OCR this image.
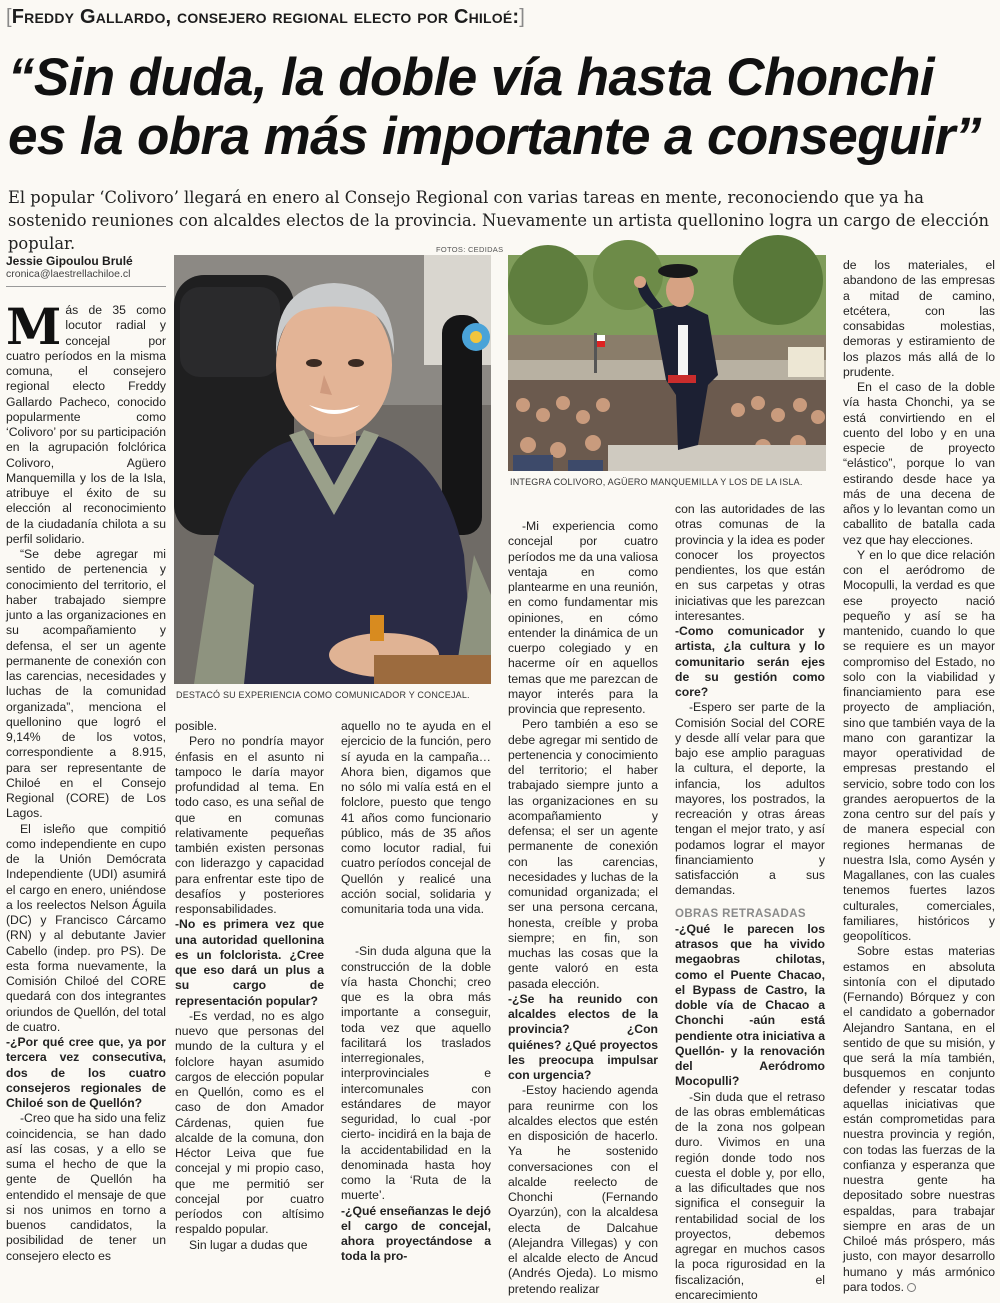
[Freddy Gallardo, consejero regional electo por Chiloé:]
“Sin duda, la doble vía hasta Chonchi
es la obra más importante a conseguir”
El popular ‘Colivoro’ llegará en enero al Consejo Regional con varias tareas en mente, reconociendo que ya ha sostenido reuniones con alcaldes electos de la provincia. Nuevamente un artista quellonino logra un cargo de elección popular.
Jessie Gipoulou Brulé
cronica@laestrellachiloe.cl
FOTOS: CEDIDAS
DESTACÓ SU EXPERIENCIA COMO COMUNICADOR Y CONCEJAL.
INTEGRA COLIVORO, AGÜERO MANQUEMILLA Y LOS DE LA ISLA.

Más de 35 como locutor radial y concejal por cuatro períodos en la misma comuna, el consejero regional electo Freddy Gallardo Pacheco, conocido popularmente como ‘Colivoro’ por su participación en la agrupación folclórica Colivoro, Agüero Manquemilla y los de la Isla, atribuye el éxito de su elección al reconocimiento de la ciudadanía chilota a su perfil solidario.

“Se debe agregar mi sentido de pertenencia y conocimiento del territorio, el haber trabajado siempre junto a las organizaciones en su acompañamiento y defensa, el ser un agente permanente de conexión con las carencias, necesidades y luchas de la comunidad organizada”, menciona el quellonino que logró el 9,14% de los votos, correspondiente a 8.915, para ser representante de Chiloé en el Consejo Regional (CORE) de Los Lagos.

El isleño que compitió como independiente en cupo de la Unión Demócrata Independiente (UDI) asumirá el cargo en enero, uniéndose a los reelectos Nelson Águila (DC) y Francisco Cárcamo (RN) y al debutante Javier Cabello (indep. pro PS). De esta forma nuevamente, la Comisión Chiloé del CORE quedará con dos integrantes oriundos de Quellón, del total de cuatro.

-¿Por qué cree que, ya por tercera vez consecutiva, dos de los cuatro consejeros regionales de Chiloé son de Quellón?

-Creo que ha sido una feliz coincidencia, se han dado así las cosas, y a ello se suma el hecho de que la gente de Quellón ha entendido el mensaje de que si nos unimos en torno a buenos candidatos, la posibilidad de tener un consejero electo es

posible.

Pero no pondría mayor énfasis en el asunto ni tampoco le daría mayor profundidad al tema. En todo caso, es una señal de que en comunas relativamente pequeñas también existen personas con liderazgo y capacidad para enfrentar este tipo de desafíos y posteriores responsabilidades.

-No es primera vez que una autoridad quellonina es un folclorista. ¿Cree que eso dará un plus a su cargo de representación popular?

-Es verdad, no es algo nuevo que personas del mundo de la cultura y el folclore hayan asumido cargos de elección popular en Quellón, como es el caso de don Amador Cárdenas, quien fue alcalde de la comuna, don Héctor Leiva que fue concejal y mi propio caso, que me permitió ser concejal por cuatro períodos con altísimo respaldo popular.

Sin lugar a dudas que

aquello no te ayuda en el ejercicio de la función, pero sí ayuda en la campaña… Ahora bien, digamos que no sólo mi valía está en el folclore, puesto que tengo 41 años como funcionario público, más de 35 años como locutor radial, fui cuatro períodos concejal de Quellón y realicé una acción social, solidaria y comunitaria toda una vida.

-Sin duda alguna que la construcción de la doble vía hasta Chonchi; creo que es la obra más importante a conseguir, toda vez que aquello facilitará los traslados interregionales, interprovinciales e intercomunales con estándares de mayor seguridad, lo cual -por cierto- incidirá en la baja de la accidentabilidad en la denominada hasta hoy como la ‘Ruta de la muerte’.

-¿Qué enseñanzas le dejó el cargo de concejal, ahora proyectándose a toda la pro-

-Mi experiencia como concejal por cuatro períodos me da una valiosa ventaja en como plantearme en una reunión, en como fundamentar mis opiniones, en cómo entender la dinámica de un cuerpo colegiado y en hacerme oír en aquellos temas que me parezcan de mayor interés para la provincia que represento.

Pero también a eso se debe agregar mi sentido de pertenencia y conocimiento del territorio; el haber trabajado siempre junto a las organizaciones en su acompañamiento y defensa; el ser un agente permanente de conexión con las carencias, necesidades y luchas de la comunidad organizada; el ser una persona cercana, honesta, creíble y proba siempre; en fin, son muchas las cosas que la gente valoró en esta pasada elección.

-¿Se ha reunido con alcaldes electos de la provincia? ¿Con quiénes? ¿Qué proyectos les preocupa impulsar con urgencia?

-Estoy haciendo agenda para reunirme con los alcaldes electos que estén en disposición de hacerlo. Ya he sostenido conversaciones con el alcalde reelecto de Chonchi (Fernando Oyarzún), con la alcaldesa electa de Dalcahue (Alejandra Villegas) y con el alcalde electo de Ancud (Andrés Ojeda). Lo mismo pretendo realizar

con las autoridades de las otras comunas de la provincia y la idea es poder conocer los proyectos pendientes, los que están en sus carpetas y otras iniciativas que les parezcan interesantes.

-Como comunicador y artista, ¿la cultura y lo comunitario serán ejes de su gestión como core?

-Espero ser parte de la Comisión Social del CORE y desde allí velar para que bajo ese amplio paraguas la cultura, el deporte, la infancia, los adultos mayores, los postrados, la recreación y otras áreas tengan el mejor trato, y así podamos lograr el mayor financiamiento y satisfacción a sus demandas.

OBRAS RETRASADAS

-¿Qué le parecen los atrasos que ha vivido megaobras chilotas, como el Puente Chacao, el Bypass de Castro, la doble vía de Chacao a Chonchi -aún está pendiente otra iniciativa a Quellón- y la renovación del Aeródromo Mocopulli?

-Sin duda que el retraso de las obras emblemáticas de la zona nos golpean duro. Vivimos en una región donde todo nos cuesta el doble y, por ello, a las dificultades que nos significa el conseguir la rentabilidad social de los proyectos, debemos agregar en muchos casos la poca rigurosidad en la fiscalización, el encarecimiento

de los materiales, el abandono de las empresas a mitad de camino, etcétera, con las consabidas molestias, demoras y estiramiento de los plazos más allá de lo prudente.

En el caso de la doble vía hasta Chonchi, ya se está convirtiendo en el cuento del lobo y en una especie de proyecto “elástico”, porque lo van estirando desde hace ya más de una decena de años y lo levantan como un caballito de batalla cada vez que hay elecciones.

Y en lo que dice relación con el aeródromo de Mocopulli, la verdad es que ese proyecto nació pequeño y así se ha mantenido, cuando lo que se requiere es un mayor compromiso del Estado, no solo con la viabilidad y financiamiento para ese proyecto de ampliación, sino que también vaya de la mano con garantizar la mayor operatividad de empresas prestando el servicio, sobre todo con los grandes aeropuertos de la zona centro sur del país y de manera especial con regiones hermanas de nuestra Isla, como Aysén y Magallanes, con las cuales tenemos fuertes lazos culturales, comerciales, familiares, históricos y geopolíticos.

Sobre estas materias estamos en absoluta sintonía con el diputado (Fernando) Bórquez y con el candidato a gobernador Alejandro Santana, en el sentido de que su misión, y que será la mía también, busquemos en conjunto defender y rescatar todas aquellas iniciativas que están comprometidas para nuestra provincia y región, con todas las fuerzas de la confianza y esperanza que nuestra gente ha depositado sobre nuestras espaldas, para trabajar siempre en aras de un Chiloé más próspero, más justo, con mayor desarrollo humano y más armónico para todos.
